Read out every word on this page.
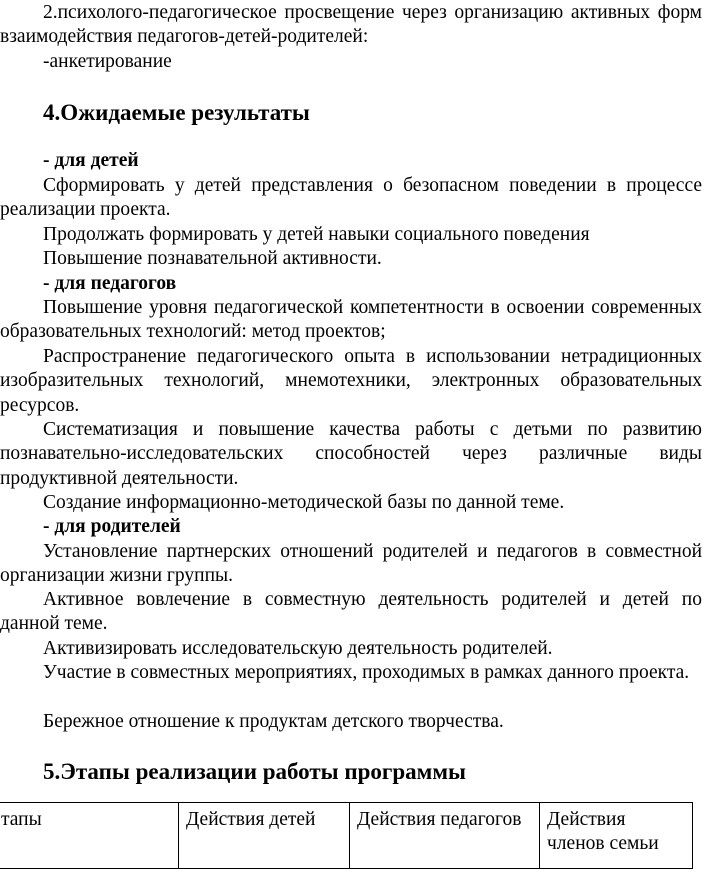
2.психолого-педагогическое просвещение через организацию активных форм взаимодействия педагогов-детей-родителей:
-анкетирование
4.Ожидаемые результаты
- для детей
Сформировать у детей представления о безопасном поведении в процессе реализации проекта.
Продолжать формировать у детей навыки социального поведения
Повышение познавательной активности.
- для педагогов
Повышение уровня педагогической компетентности в освоении современных образовательных технологий: метод проектов;
Распространение педагогического опыта в использовании нетрадиционных изобразительных технологий, мнемотехники, электронных образовательных ресурсов.
Систематизация и повышение качества работы с детьми по развитию познавательно-исследовательских способностей через различные виды продуктивной деятельности.
Создание информационно-методической базы по данной теме.
- для родителей
Установление партнерских отношений родителей и педагогов в совместной организации жизни группы.
Активное вовлечение в совместную деятельность родителей и детей по данной теме.
Активизировать исследовательскую деятельность родителей.
Участие в совместных мероприятиях, проходимых в рамках данного проекта.
Бережное отношение к продуктам детского творчества.
5.Этапы реализации работы программы
тапы	Действия детей	Действия педагогов	Действия членов семьи
